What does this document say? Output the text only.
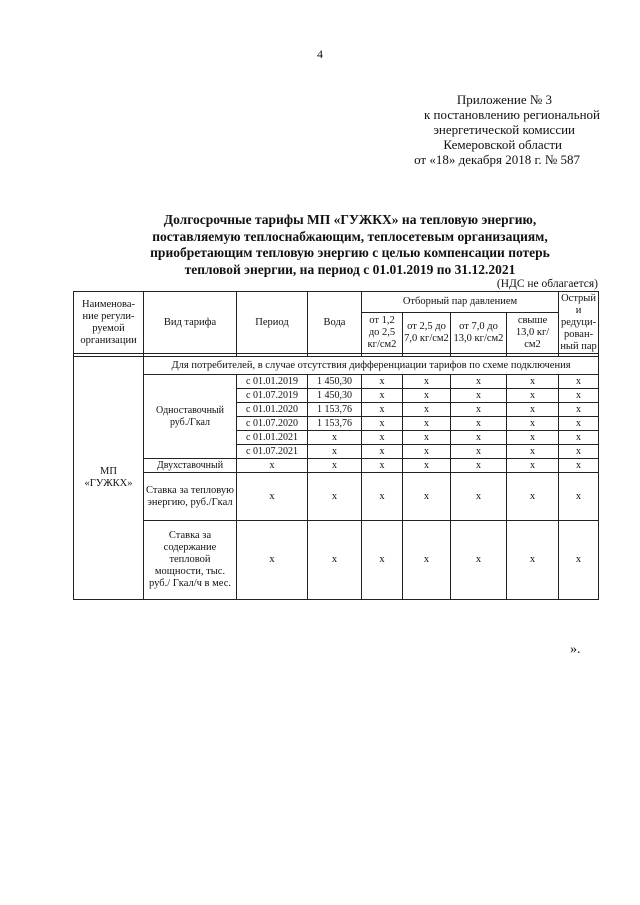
4
Приложение № 3
к постановлению региональной
энергетической комиссии
Кемеровской области
от «18» декабря 2018 г. № 587
Долгосрочные тарифы МП «ГУЖКХ» на тепловую энергию,
поставляемую теплоснабжающим, теплосетевым организациям,
приобретающим тепловую энергию с целью компенсации потерь
тепловой энергии, на период с 01.01.2019 по 31.12.2021
(НДС не облагается)
Наименова-ние регули-руемой организации	Вид тарифа	Период	Вода	Отборный пар давлением				Острый и редуци-рован-ный пар
				от 1,2 до 2,5 кг/см2	от 2,5 до 7,0 кг/см2	от 7,0 до 13,0 кг/см2	свыше 13,0 кг/см2	

МП «ГУЖКХ»	Для потребителей, в случае отсутствия дифференциации тарифов по схеме подключения							
	Одноставочный руб./Гкал	с 01.01.2019	1 450,30	х	х	х	х	х
		с 01.07.2019	1 450,30	х	х	х	х	х
		с 01.01.2020	1 153,76	х	х	х	х	х
		с 01.07.2020	1 153,76	х	х	х	х	х
		с 01.01.2021	х	х	х	х	х	х
		с 01.07.2021	х	х	х	х	х	х
	Двухставочный	х	х	х	х	х	х	х
	Ставка за тепловую энергию, руб./Гкал	х	х	х	х	х	х	х
	Ставка за содержание тепловой мощности, тыс. руб./ Гкал/ч в мес.	х	х	х	х	х	х	х
».
